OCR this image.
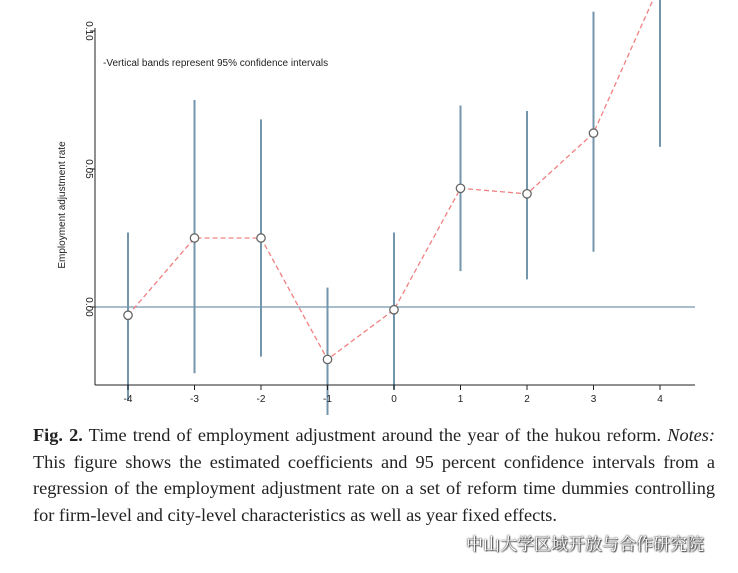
0.00
0.05
0.10
-4	-3	-2	-1	0	1	2	3	4
-Vertical bands represent 95% confidence intervals
Employment adjustment rate
Fig. 2. Time trend of employment adjustment around the year of the hukou reform. Notes: This figure shows the estimated coefficients and 95 percent confidence intervals from a regression of the employment adjustment rate on a set of reform time dummies controlling for firm-level and city-level characteristics as well as year fixed effects.
中山大学区域开放与合作研究院
